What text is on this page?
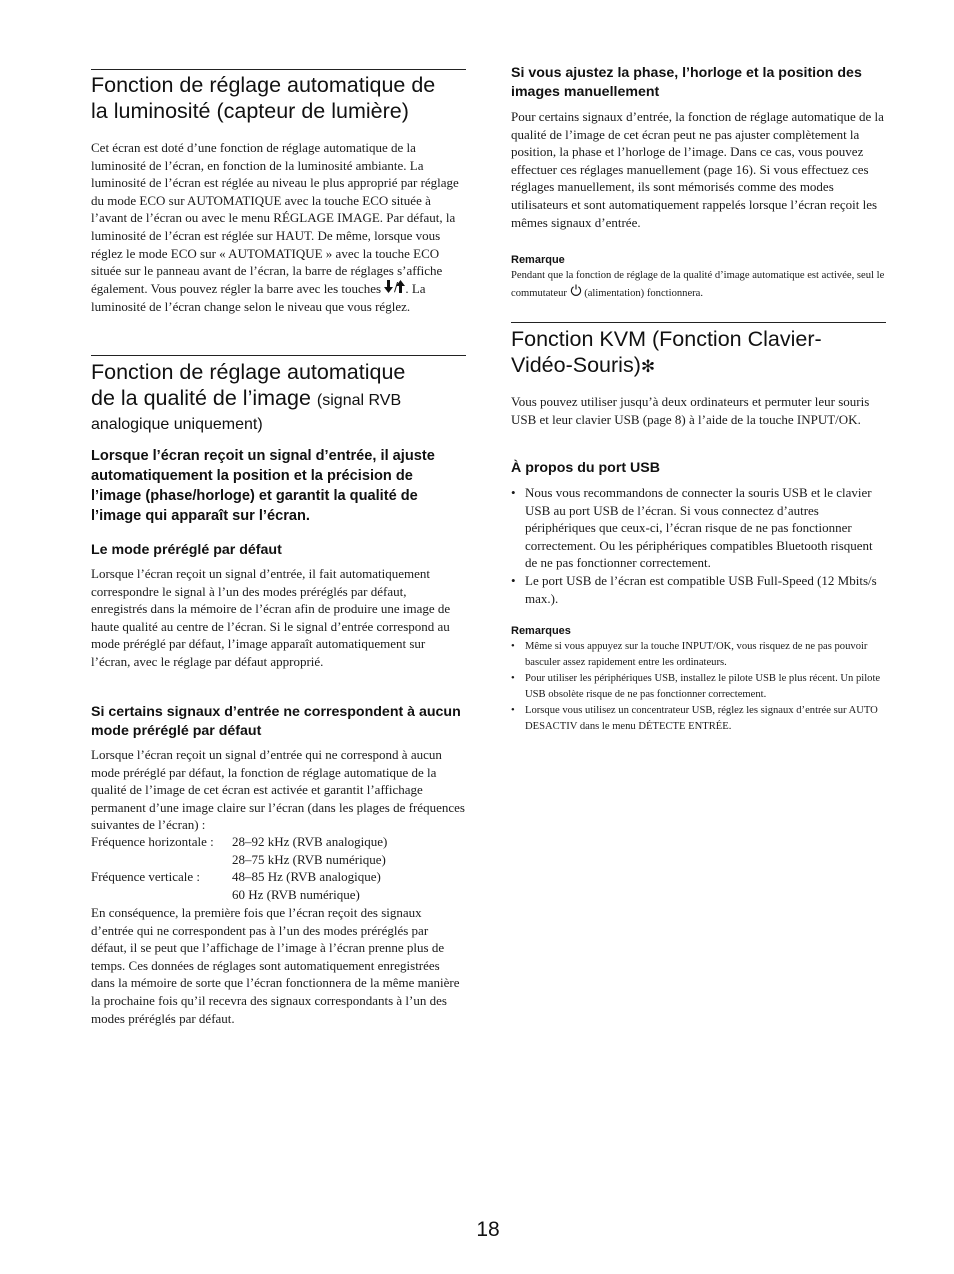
Fonction de réglage automatique de
la luminosité (capteur de lumière)

Cet écran est doté d’une fonction de réglage automatique de la luminosité de l’écran, en fonction de la luminosité ambiante. La luminosité de l’écran est réglée au niveau le plus approprié par réglage du mode ECO sur AUTOMATIQUE avec la touche ECO située à l’avant de l’écran ou avec le menu RÉGLAGE IMAGE. Par défaut, la luminosité de l’écran est réglée sur HAUT. De même, lorsque vous réglez le mode ECO sur « AUTOMATIQUE » avec la touche ECO située sur le panneau avant de l’écran, la barre de réglages s’affiche également. Vous pouvez régler la barre avec les touches / . La luminosité de l’écran change selon le niveau que vous réglez.

Fonction de réglage automatique
de la qualité de l’image (signal RVB
analogique uniquement)

Lorsque l’écran reçoit un signal d’entrée, il ajuste automatiquement la position et la précision de l’image (phase/horloge) et garantit la qualité de l’image qui apparaît sur l’écran.

Le mode préréglé par défaut

Lorsque l’écran reçoit un signal d’entrée, il fait automatiquement correspondre le signal à l’un des modes préréglés par défaut, enregistrés dans la mémoire de l’écran afin de produire une image de haute qualité au centre de l’écran. Si le signal d’entrée correspond au mode préréglé par défaut, l’image apparaît automatiquement sur l’écran, avec le réglage par défaut approprié.

Si certains signaux d’entrée ne correspondent à aucun mode préréglé par défaut

Lorsque l’écran reçoit un signal d’entrée qui ne correspond à aucun mode préréglé par défaut, la fonction de réglage automatique de la qualité de l’image de cet écran est activée et garantit l’affichage permanent d’une image claire sur l’écran (dans les plages de fréquences suivantes de l’écran) :

Fréquence horizontale :	28–92 kHz (RVB analogique)
28–75 kHz (RVB numérique)
Fréquence verticale :	48–85 Hz (RVB analogique)
60 Hz (RVB numérique)

En conséquence, la première fois que l’écran reçoit des signaux d’entrée qui ne correspondent pas à l’un des modes préréglés par défaut, il se peut que l’affichage de l’image à l’écran prenne plus de temps. Ces données de réglages sont automatiquement enregistrées dans la mémoire de sorte que l’écran fonctionnera de la même manière la prochaine fois qu’il recevra des signaux correspondants à l’un des modes préréglés par défaut.

Si vous ajustez la phase, l’horloge et la position des images manuellement

Pour certains signaux d’entrée, la fonction de réglage automatique de la qualité de l’image de cet écran peut ne pas ajuster complètement la position, la phase et l’horloge de l’image. Dans ce cas, vous pouvez effectuer ces réglages manuellement (page 16). Si vous effectuez ces réglages manuellement, ils sont mémorisés comme des modes utilisateurs et sont automatiquement rappelés lorsque l’écran reçoit les mêmes signaux d’entrée.

Remarque

Pendant que la fonction de réglage de la qualité d’image automatique est activée, seul le commutateur  (alimentation) fonctionnera.

Fonction KVM (Fonction Clavier-
Vidéo-Souris)✻

Vous pouvez utiliser jusqu’à deux ordinateurs et permuter leur souris USB et leur clavier USB (page 8) à l’aide de la touche INPUT/OK.

À propos du port USB
• Nous vous recommandons de connecter la souris USB et le clavier USB au port USB de l’écran. Si vous connectez d’autres périphériques que ceux-ci, l’écran risque de ne pas fonctionner correctement. Ou les périphériques compatibles Bluetooth risquent de ne pas fonctionner correctement.
• Le port USB de l’écran est compatible USB Full-Speed (12 Mbits/s max.).
Remarques
• Même si vous appuyez sur la touche INPUT/OK, vous risquez de ne pas pouvoir basculer assez rapidement entre les ordinateurs.
• Pour utiliser les périphériques USB, installez le pilote USB le plus récent. Un pilote USB obsolète risque de ne pas fonctionner correctement.
• Lorsque vous utilisez un concentrateur USB, réglez les signaux d’entrée sur AUTO DESACTIV dans le menu DÉTECTE ENTRÉE.
18
